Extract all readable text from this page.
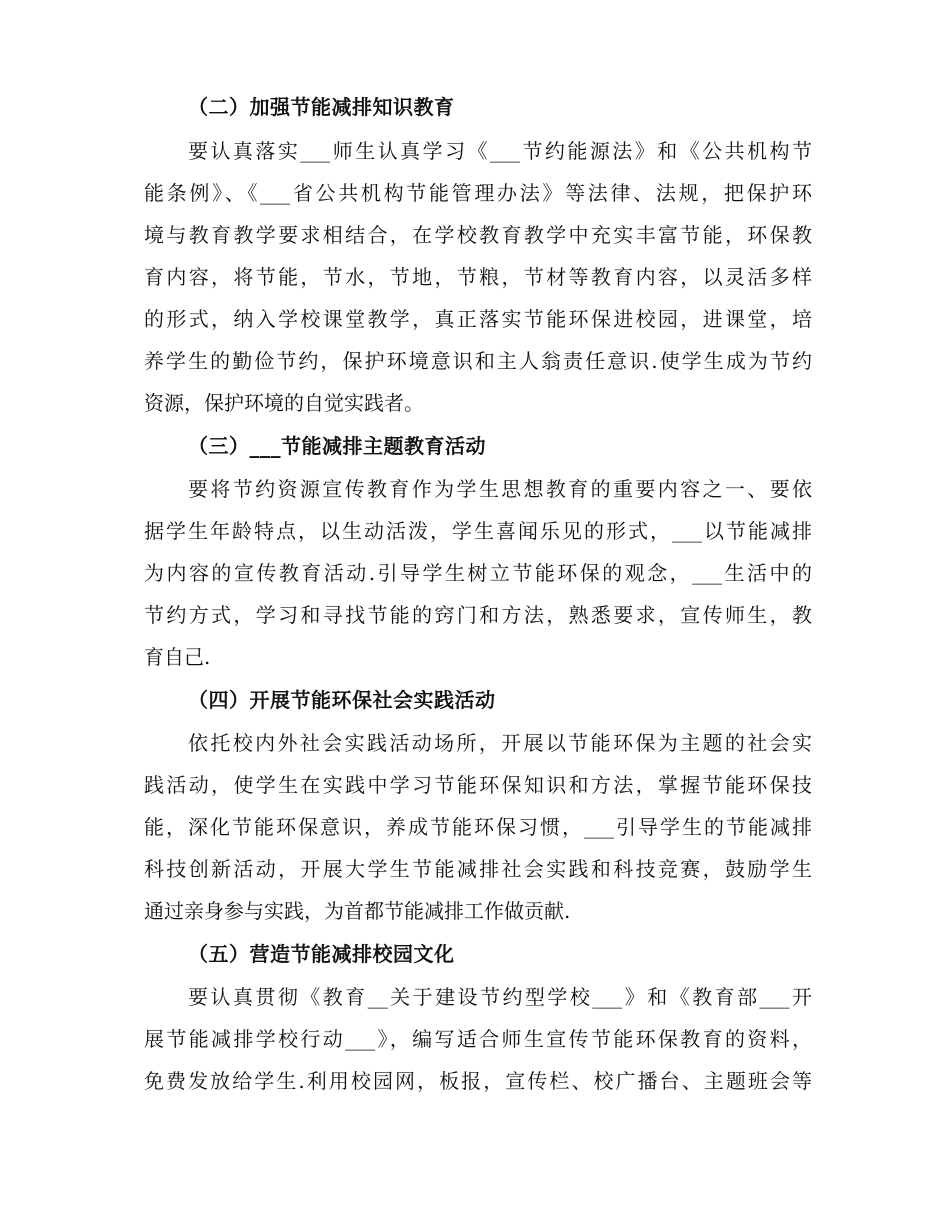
（二）加强节能减排知识教育
要认真落实___师生认真学习《___节约能源法》和《公共机构节
能条例》、《___省公共机构节能管理办法》等法律、法规，把保护环
境与教育教学要求相结合，在学校教育教学中充实丰富节能，环保教
育内容，将节能，节水，节地，节粮，节材等教育内容，以灵活多样
的形式，纳入学校课堂教学，真正落实节能环保进校园，进课堂，培
养学生的勤俭节约，保护环境意识和主人翁责任意识.使学生成为节约
资源，保护环境的自觉实践者。
（三）___节能减排主题教育活动
要将节约资源宣传教育作为学生思想教育的重要内容之一、要依
据学生年龄特点，以生动活泼，学生喜闻乐见的形式，___以节能减排
为内容的宣传教育活动.引导学生树立节能环保的观念，___生活中的
节约方式，学习和寻找节能的窍门和方法，熟悉要求，宣传师生，教
育自己.
（四）开展节能环保社会实践活动
依托校内外社会实践活动场所，开展以节能环保为主题的社会实
践活动，使学生在实践中学习节能环保知识和方法，掌握节能环保技
能，深化节能环保意识，养成节能环保习惯，___引导学生的节能减排
科技创新活动，开展大学生节能减排社会实践和科技竞赛，鼓励学生
通过亲身参与实践，为首都节能减排工作做贡献.
（五）营造节能减排校园文化
要认真贯彻《教育__关于建设节约型学校___》和《教育部___开
展节能减排学校行动___》，编写适合师生宣传节能环保教育的资料，
免费发放给学生.利用校园网，板报，宣传栏、校广播台、主题班会等
